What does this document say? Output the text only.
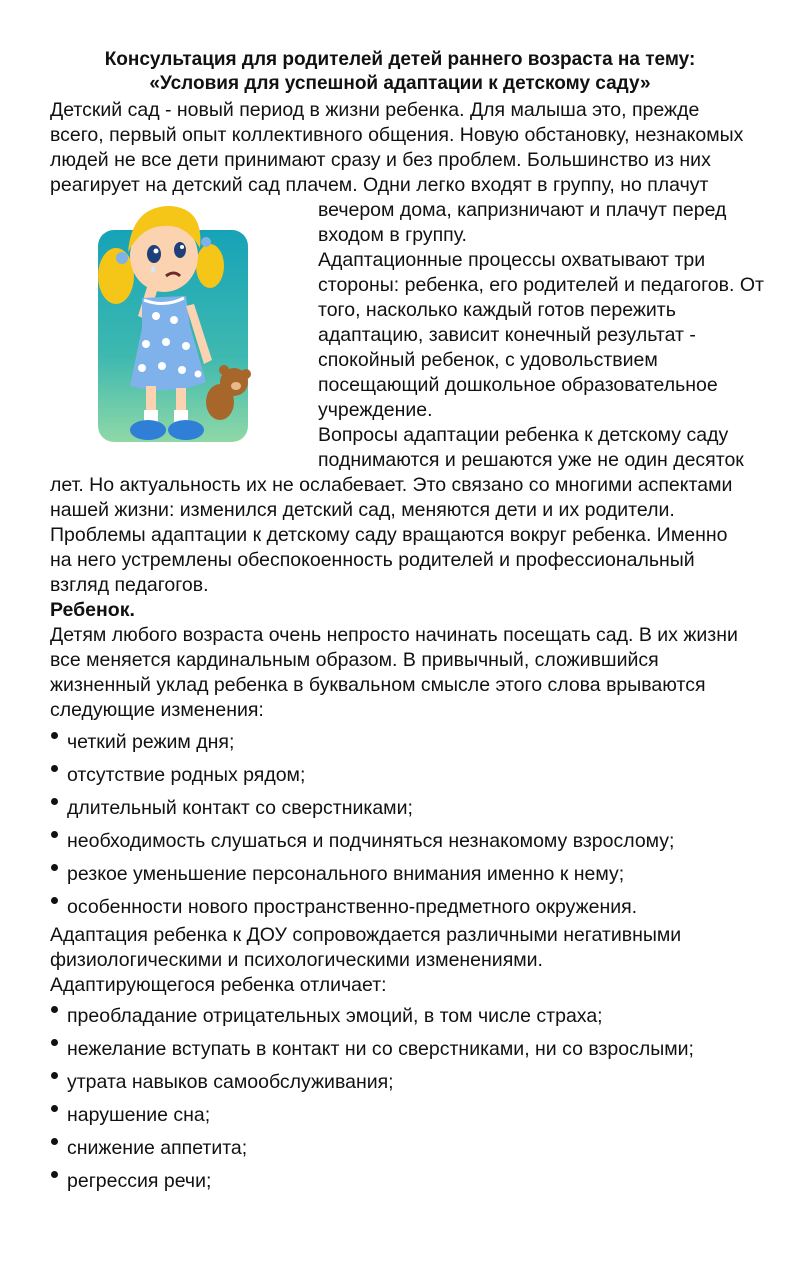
Консультация для родителей детей раннего возраста на тему:
«Условия для успешной адаптации к детскому саду»
Детский сад - новый период в жизни ребенка. Для малыша это, прежде
всего, первый опыт коллективного общения. Новую обстановку, незнакомых
людей не все дети принимают сразу и без проблем. Большинство из них
реагирует на детский сад плачем. Одни легко входят в группу, но плачут
вечером дома, капризничают и плачут перед
входом в группу.
Адаптационные процессы охватывают три
стороны: ребенка, его родителей и педагогов. От
того, насколько каждый готов пережить
адаптацию, зависит конечный результат -
спокойный ребенок, с удовольствием
посещающий дошкольное образовательное
учреждение.
Вопросы адаптации ребенка к детскому саду
поднимаются и решаются уже не один десяток
лет. Но актуальность их не ослабевает. Это связано со многими аспектами
нашей жизни: изменился детский сад, меняются дети и их родители.
Проблемы адаптации к детскому саду вращаются вокруг ребенка. Именно
на него устремлены обеспокоенность родителей и профессиональный
взгляд педагогов.
Ребенок.
Детям любого возраста очень непросто начинать посещать сад. В их жизни
все меняется кардинальным образом. В привычный, сложившийся
жизненный уклад ребенка в буквальном смысле этого слова врываются
следующие изменения:
четкий режим дня;
отсутствие родных рядом;
длительный контакт со сверстниками;
необходимость слушаться и подчиняться незнакомому взрослому;
резкое уменьшение персонального внимания именно к нему;
особенности нового пространственно-предметного окружения.
Адаптация ребенка к ДОУ сопровождается различными негативными
физиологическими и психологическими изменениями.
Адаптирующегося ребенка отличает:
преобладание отрицательных эмоций, в том числе страха;
нежелание вступать в контакт ни со сверстниками, ни со взрослыми;
утрата навыков самообслуживания;
нарушение сна;
снижение аппетита;
регрессия речи;
